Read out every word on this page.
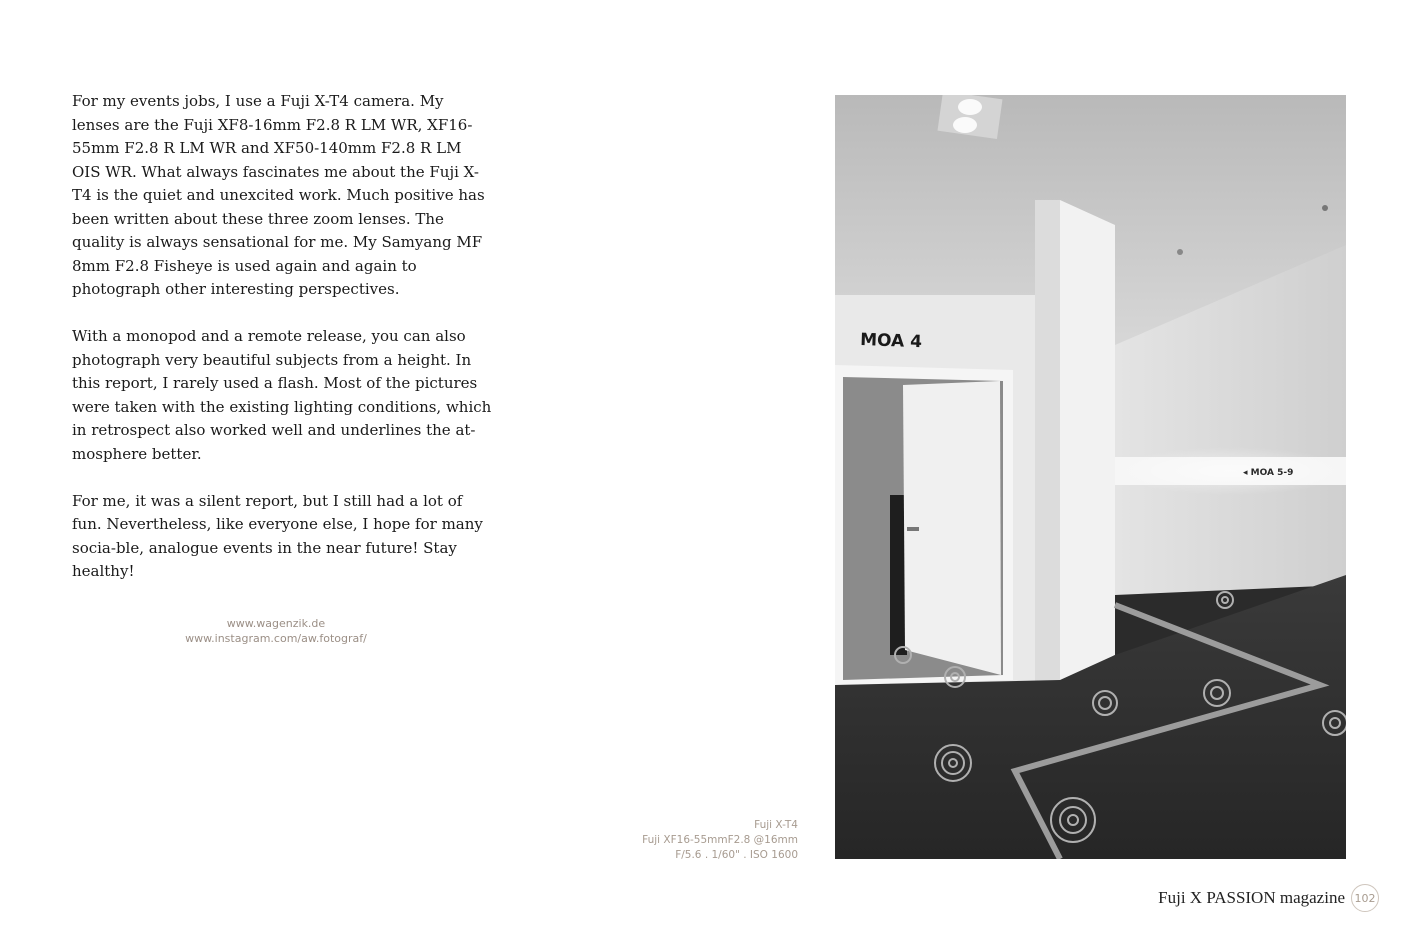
For my events jobs, I use a Fuji X-T4 camera. My lenses are the Fuji XF8-16mm F2.8 R LM WR, XF16-55mm F2.8 R LM WR and XF50-140mm F2.8 R LM OIS WR. What always fascinates me about the Fuji X-T4 is the quiet and unexcited work. Much positive has been written about these three zoom lenses. The quality is always sensational for me. My Samyang MF 8mm F2.8 Fisheye is used again and again to photograph other interesting perspectives.

With a monopod and a remote release, you can also photograph very beautiful subjects from a height. In this report, I rarely used a flash. Most of the pictures were taken with the existing lighting conditions, which in retrospect also worked well and underlines the at-mosphere better.

For me, it was a silent report, but I still had a lot of fun. Nevertheless, like everyone else, I hope for many socia-ble, analogue events in the near future! Stay healthy!

www.wagenzik.de
www.instagram.com/aw.fotograf/
Fuji X-T4
Fuji XF16-55mmF2.8 @16mm
F/5.6 . 1/60" . ISO 1600
MOA 4
◂ MOA 5-9
Fuji X PASSION magazine 102
